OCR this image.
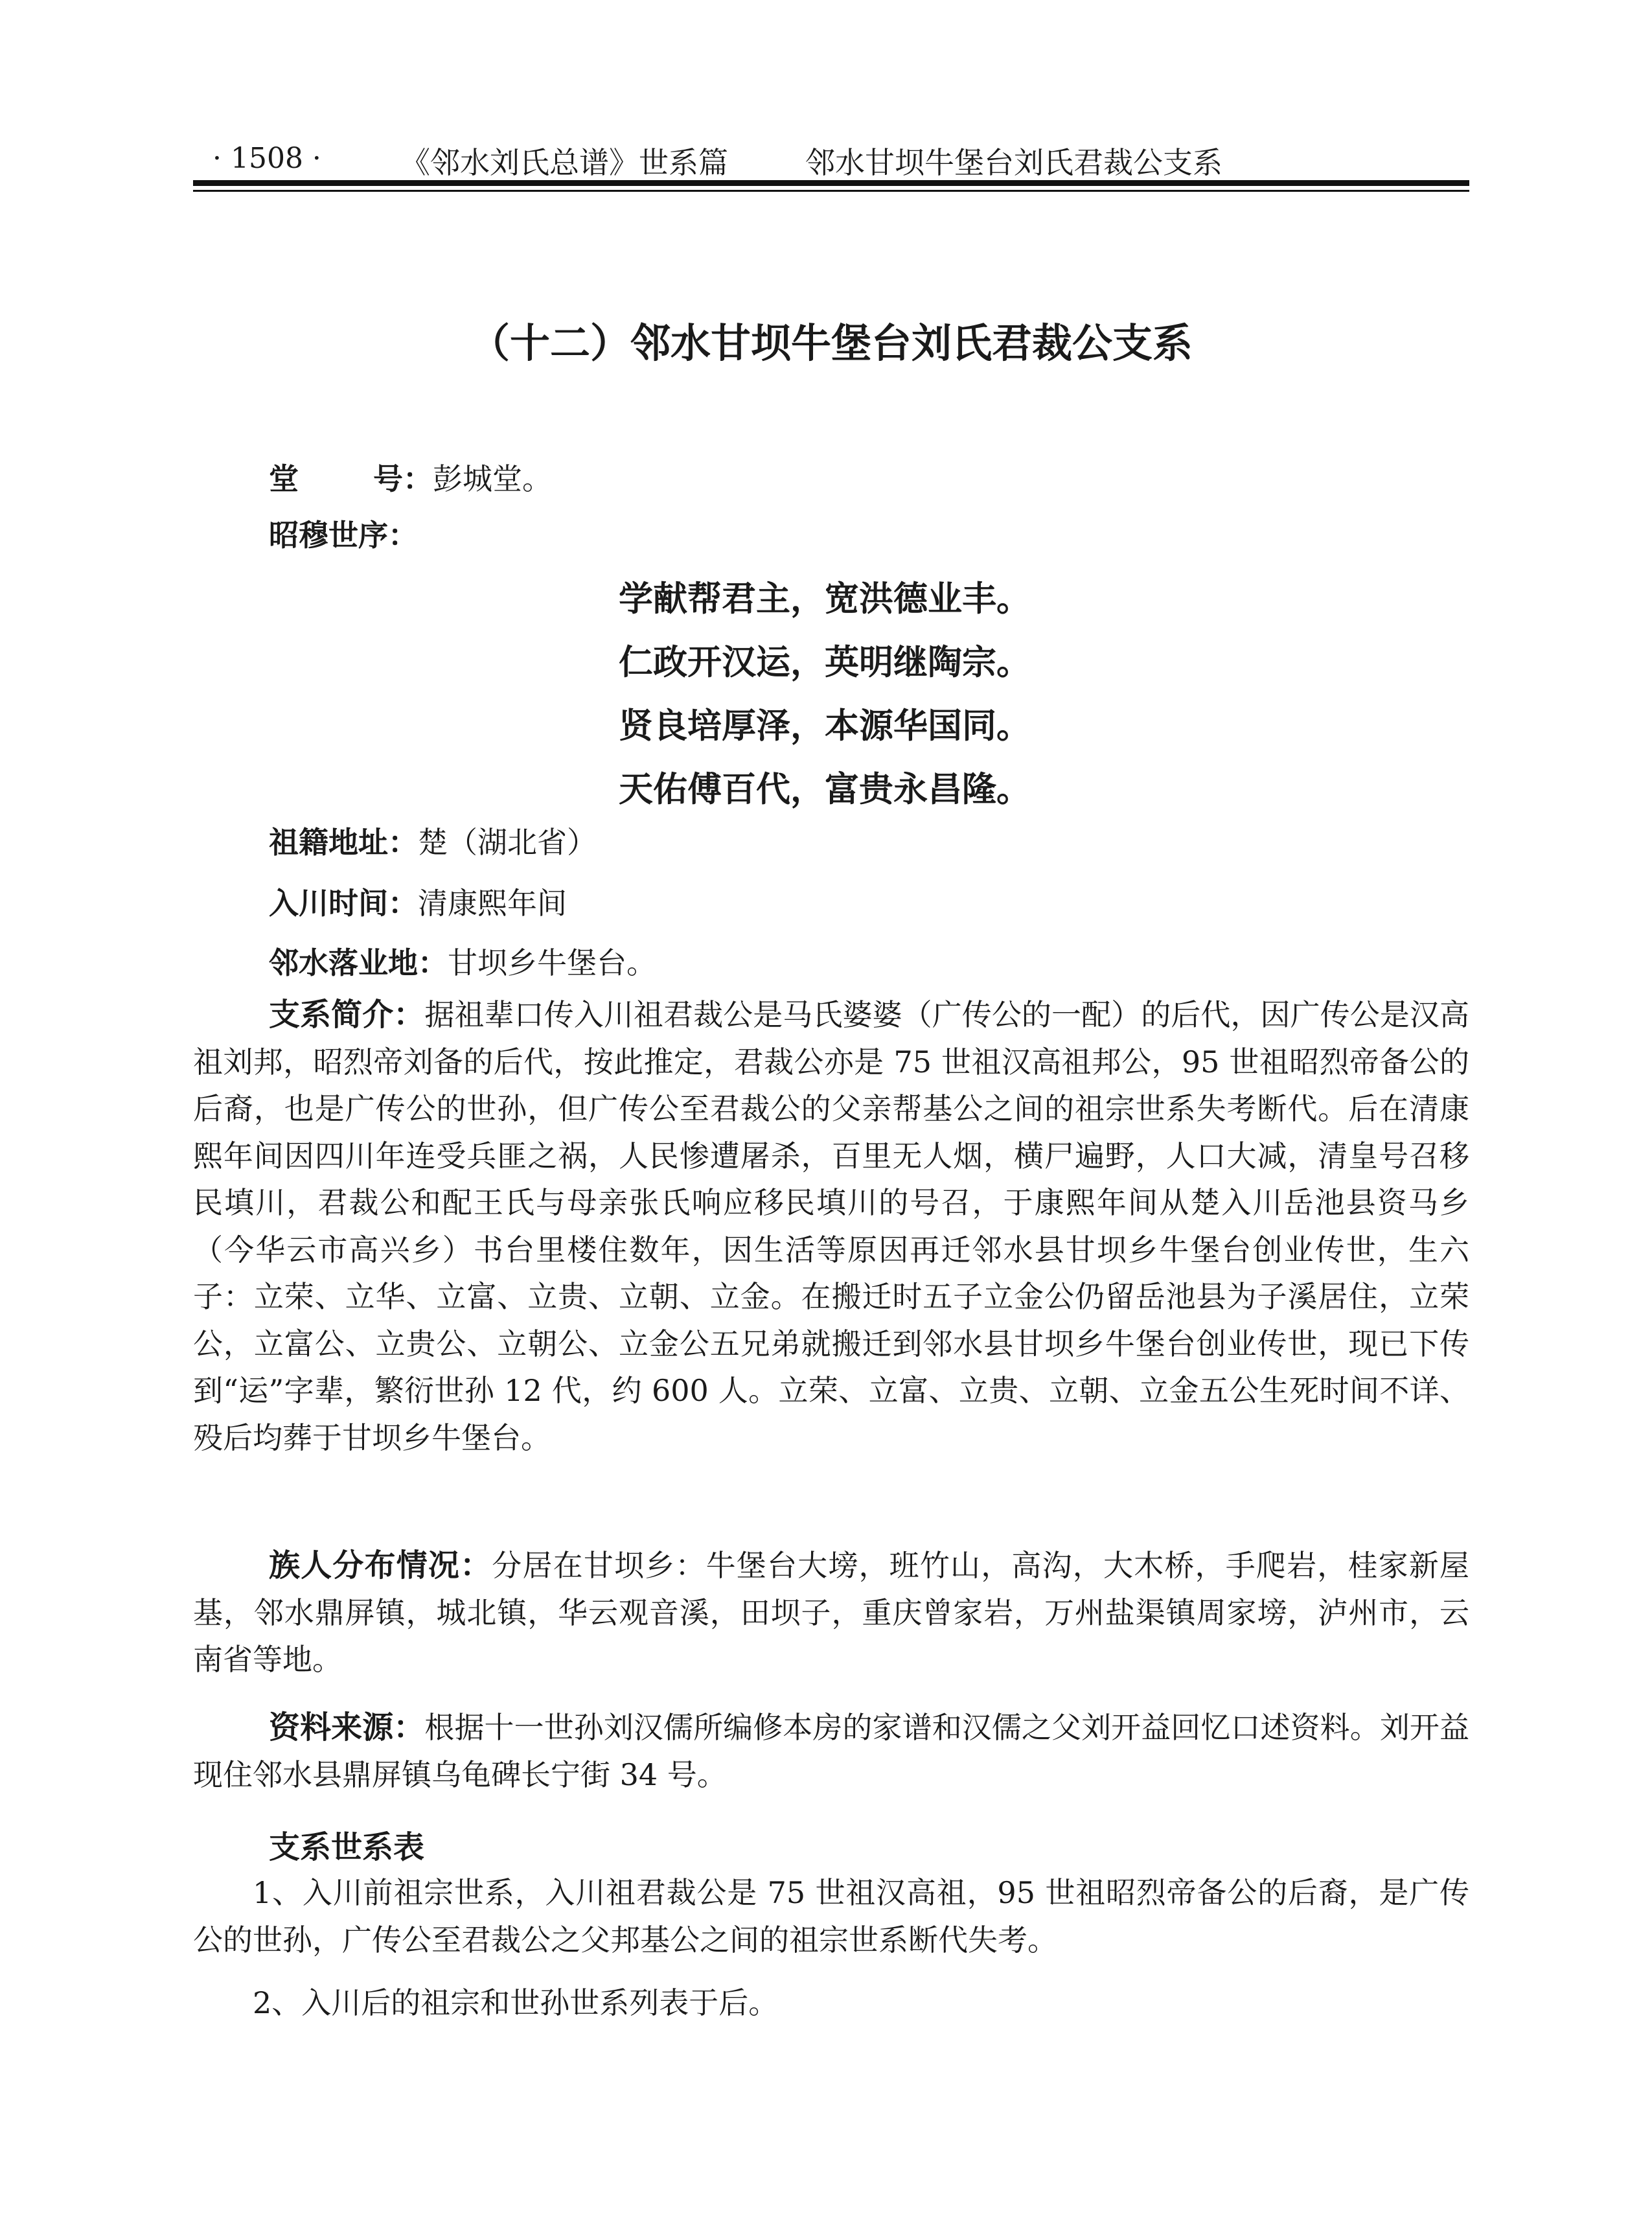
· 1508 ·	《邻水刘氏总谱》世系篇	邻水甘坝牛堡台刘氏君裁公支系
（十二）邻水甘坝牛堡台刘氏君裁公支系
堂	号：彭城堂。
昭穆世序：
学献帮君主，宽洪德业丰。
仁政开汉运，英明继陶宗。
贤良培厚泽，本源华国同。
天佑傅百代，富贵永昌隆。
祖籍地址：楚（湖北省）
入川时间：清康熙年间
邻水落业地：甘坝乡牛堡台。

支系简介：据祖辈口传入川祖君裁公是马氏婆婆（广传公的一配）的后代，因广传公是汉高祖刘邦，昭烈帝刘备的后代，按此推定，君裁公亦是 75 世祖汉高祖邦公，95 世祖昭烈帝备公的后裔，也是广传公的世孙，但广传公至君裁公的父亲帮基公之间的祖宗世系失考断代。后在清康熙年间因四川年连受兵匪之祸，人民惨遭屠杀，百里无人烟，横尸遍野，人口大减，清皇号召移民填川，君裁公和配王氏与母亲张氏响应移民填川的号召，于康熙年间从楚入川岳池县资马乡（今华云市高兴乡）书台里楼住数年，因生活等原因再迁邻水县甘坝乡牛堡台创业传世，生六子：立荣、立华、立富、立贵、立朝、立金。在搬迁时五子立金公仍留岳池县为子溪居住，立荣公，立富公、立贵公、立朝公、立金公五兄弟就搬迁到邻水县甘坝乡牛堡台创业传世，现已下传到“运”字辈，繁衍世孙 12 代，约 600 人。立荣、立富、立贵、立朝、立金五公生死时间不详、殁后均葬于甘坝乡牛堡台。

族人分布情况：分居在甘坝乡：牛堡台大塝，班竹山，高沟，大木桥，手爬岩，桂家新屋基，邻水鼎屏镇，城北镇，华云观音溪，田坝子，重庆曾家岩，万州盐渠镇周家塝，泸州市，云南省等地。

资料来源：根据十一世孙刘汉儒所编修本房的家谱和汉儒之父刘开益回忆口述资料。刘开益现住邻水县鼎屏镇乌龟碑长宁街 34 号。

支系世系表

1、入川前祖宗世系，入川祖君裁公是 75 世祖汉高祖，95 世祖昭烈帝备公的后裔，是广传公的世孙，广传公至君裁公之父邦基公之间的祖宗世系断代失考。

2、入川后的祖宗和世孙世系列表于后。
